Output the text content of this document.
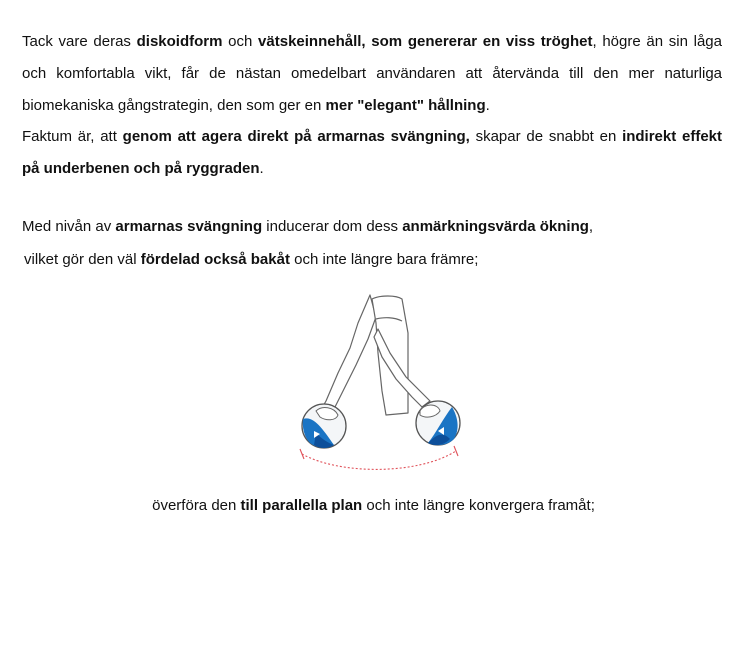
Tack vare deras diskoidform och vätskeinnehåll, som genererar en viss tröghet, högre än sin låga
och komfortabla vikt, får de nästan omedelbart användaren att återvända till den mer naturliga
biomekaniska gångstrategin, den som ger en mer "elegant" hållning.
Faktum är, att genom att agera direkt på armarnas svängning, skapar de snabbt en indirekt effekt
på underbenen och på ryggraden.
Med nivån av armarnas svängning inducerar dom dess anmärkningsvärda ökning,
vilket gör den väl fördelad också bakåt och inte längre bara främre;
överföra den till parallella plan och inte längre konvergera framåt;
